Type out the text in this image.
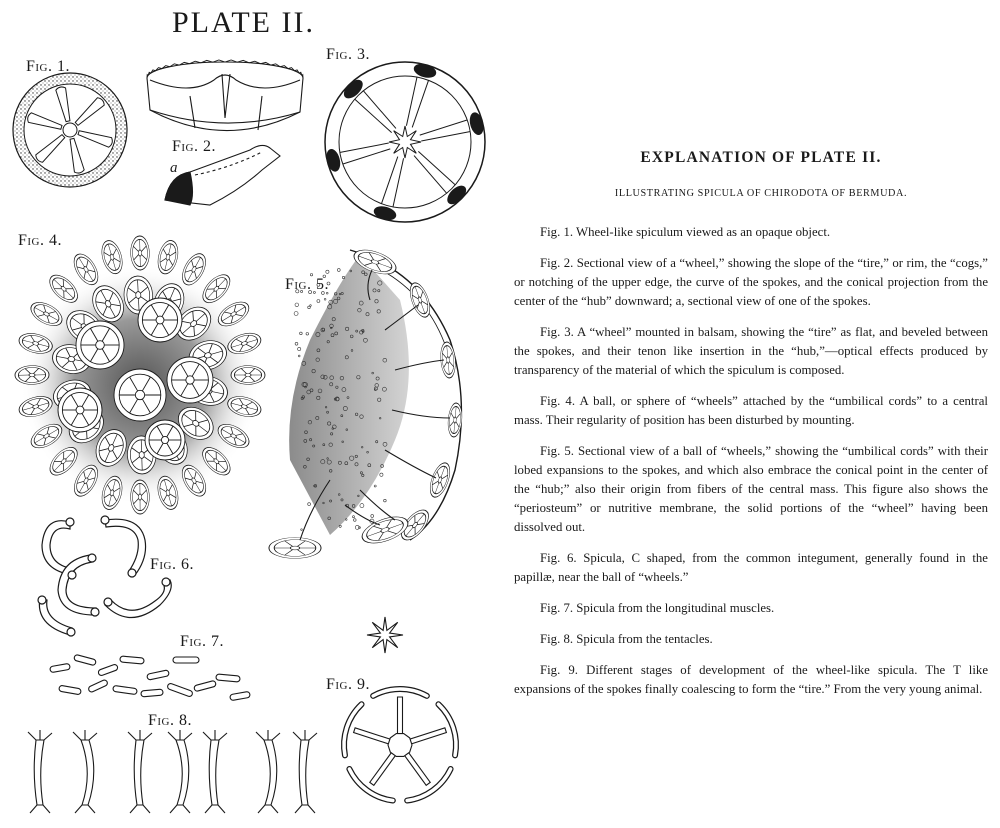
PLATE II.
Fig. 1.
Fig. 2.
a
Fig. 3.
Fig. 4.
Fig. 5.
Fig. 6.
Fig. 7.
Fig. 8.
Fig. 9.
EXPLANATION OF PLATE II.
ILLUSTRATING SPICULA OF CHIRODOTA OF BERMUDA.

Fig. 1. Wheel-like spiculum viewed as an opaque object.

Fig. 2. Sectional view of a “wheel,” showing the slope of the “tire,” or rim, the “cogs,” or notching of the upper edge, the curve of the spokes, and the conical projection from the center of the “hub” downward; a, sectional view of one of the spokes.

Fig. 3. A “wheel” mounted in balsam, showing the “tire” as flat, and beveled between the spokes, and their tenon like insertion in the “hub,”—optical effects produced by transparency of the material of which the spiculum is composed.

Fig. 4. A ball, or sphere of “wheels” attached by the “umbilical cords” to a central mass. Their regularity of position has been disturbed by mounting.

Fig. 5. Sectional view of a ball of “wheels,” showing the “umbilical cords” with their lobed expansions to the spokes, and which also embrace the conical point in the center of the “hub;” also their origin from fibers of the central mass. This figure also shows the “periosteum” or nutritive membrane, the solid portions of the “wheel” having been dissolved out.

Fig. 6. Spicula, C shaped, from the common integument, generally found in the papillæ, near the ball of “wheels.”

Fig. 7. Spicula from the longitudinal muscles.

Fig. 8. Spicula from the tentacles.

Fig. 9. Different stages of development of the wheel-like spicula. The T like expansions of the spokes finally coalescing to form the “tire.” From the very young animal.
